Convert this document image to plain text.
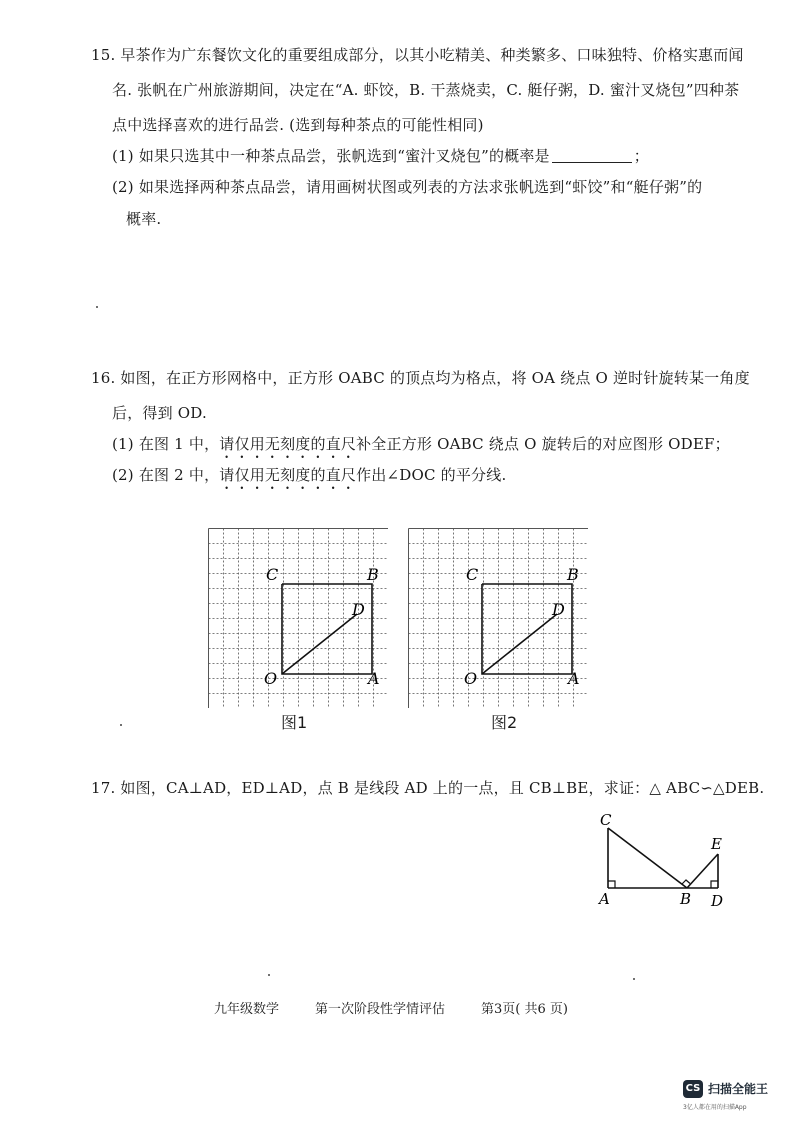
15. 早茶作为广东餐饮文化的重要组成部分，以其小吃精美、种类繁多、口味独特、价格实惠而闻
名. 张帆在广州旅游期间，决定在“A. 虾饺，B. 干蒸烧卖，C. 艇仔粥，D. 蜜汁叉烧包”四种茶
点中选择喜欢的进行品尝. (选到每种茶点的可能性相同)
(1) 如果只选其中一种茶点品尝，张帆选到“蜜汁叉烧包”的概率是	；
(2) 如果选择两种茶点品尝，请用画树状图或列表的方法求张帆选到“虾饺”和“艇仔粥”的
概率.
16. 如图，在正方形网格中，正方形 OABC 的顶点均为格点，将 OA 绕点 O 逆时针旋转某一角度
后，得到 OD.
(1) 在图 1 中，请仅用无刻度的直尺补全正方形 OABC 绕点 O 旋转后的对应图形 ODEF；
(2) 在图 2 中，请仅用无刻度的直尺作出∠DOC 的平分线.
C	B
D
O	A
图1
C	B
D
O	A
图2
17. 如图，CA⊥AD，ED⊥AD，点 B 是线段 AD 上的一点，且 CB⊥BE，求证：△ ABC∽△DEB.
C
E
A	B D
九年级数学	第一次阶段性学情评估	第3页( 共6 页)
CS 扫描全能王
3亿人都在用的扫描App
